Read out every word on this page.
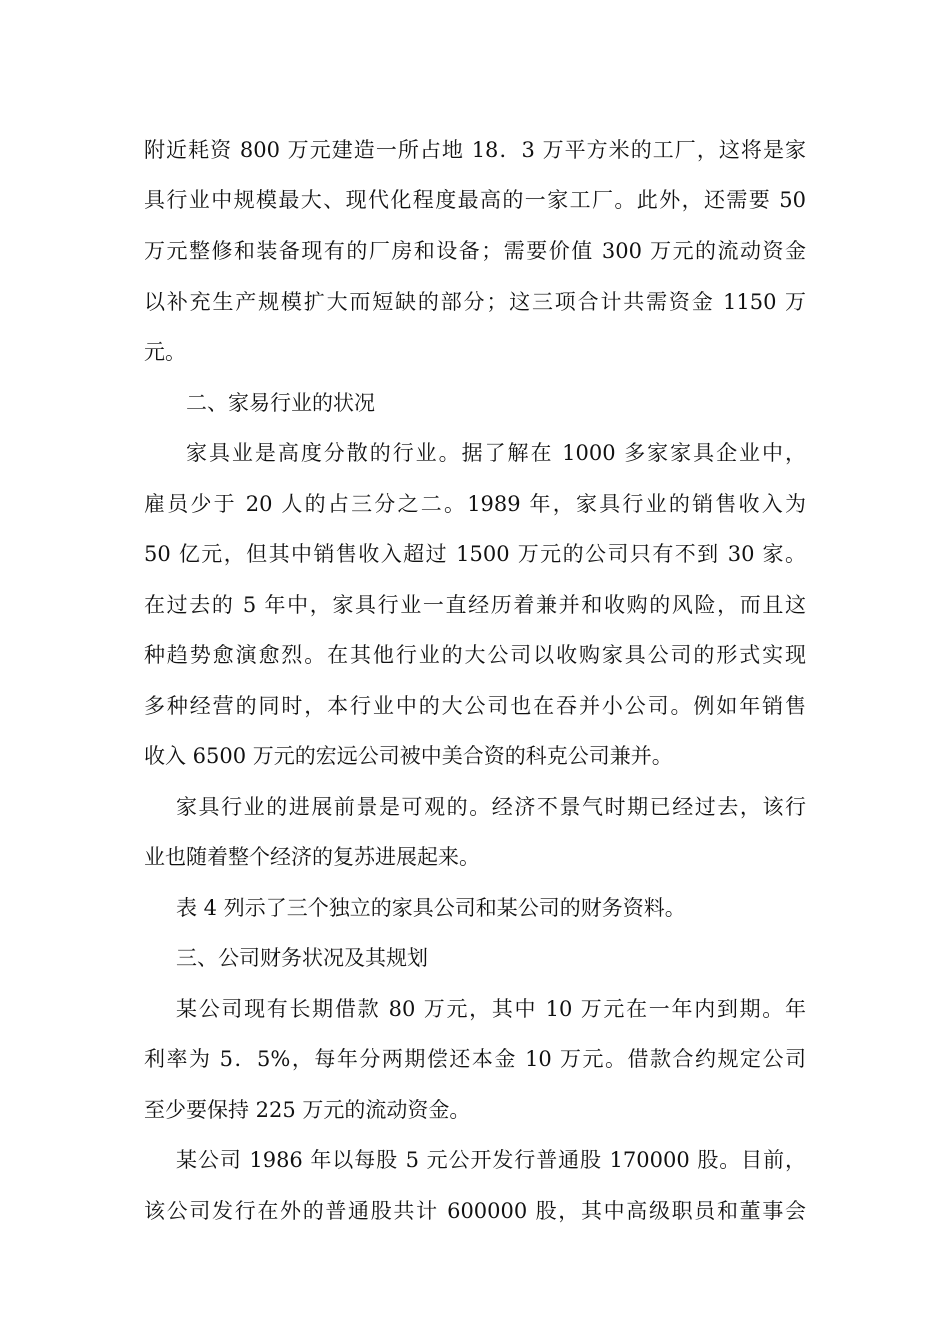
附近耗资 800 万元建造一所占地 18．3 万平方米的工厂，这将是家
具行业中规模最大、现代化程度最高的一家工厂。此外，还需要 50
万元整修和装备现有的厂房和设备；需要价值 300 万元的流动资金
以补充生产规模扩大而短缺的部分；这三项合计共需资金 1150 万
元。
二、家易行业的状况
家具业是高度分散的行业。据了解在 1000 多家家具企业中，
雇员少于 20 人的占三分之二。1989 年，家具行业的销售收入为
50 亿元，但其中销售收入超过 1500 万元的公司只有不到 30 家。
在过去的 5 年中，家具行业一直经历着兼并和收购的风险，而且这
种趋势愈演愈烈。在其他行业的大公司以收购家具公司的形式实现
多种经营的同时，本行业中的大公司也在吞并小公司。例如年销售
收入 6500 万元的宏远公司被中美合资的科克公司兼并。
家具行业的进展前景是可观的。经济不景气时期已经过去，该行
业也随着整个经济的复苏进展起来。
表 4 列示了三个独立的家具公司和某公司的财务资料。
三、公司财务状况及其规划
某公司现有长期借款 80 万元，其中 10 万元在一年内到期。年
利率为 5．5%，每年分两期偿还本金 10 万元。借款合约规定公司
至少要保持 225 万元的流动资金。
某公司 1986 年以每股 5 元公开发行普通股 170000 股。目前，
该公司发行在外的普通股共计 600000 股，其中高级职员和董事会
